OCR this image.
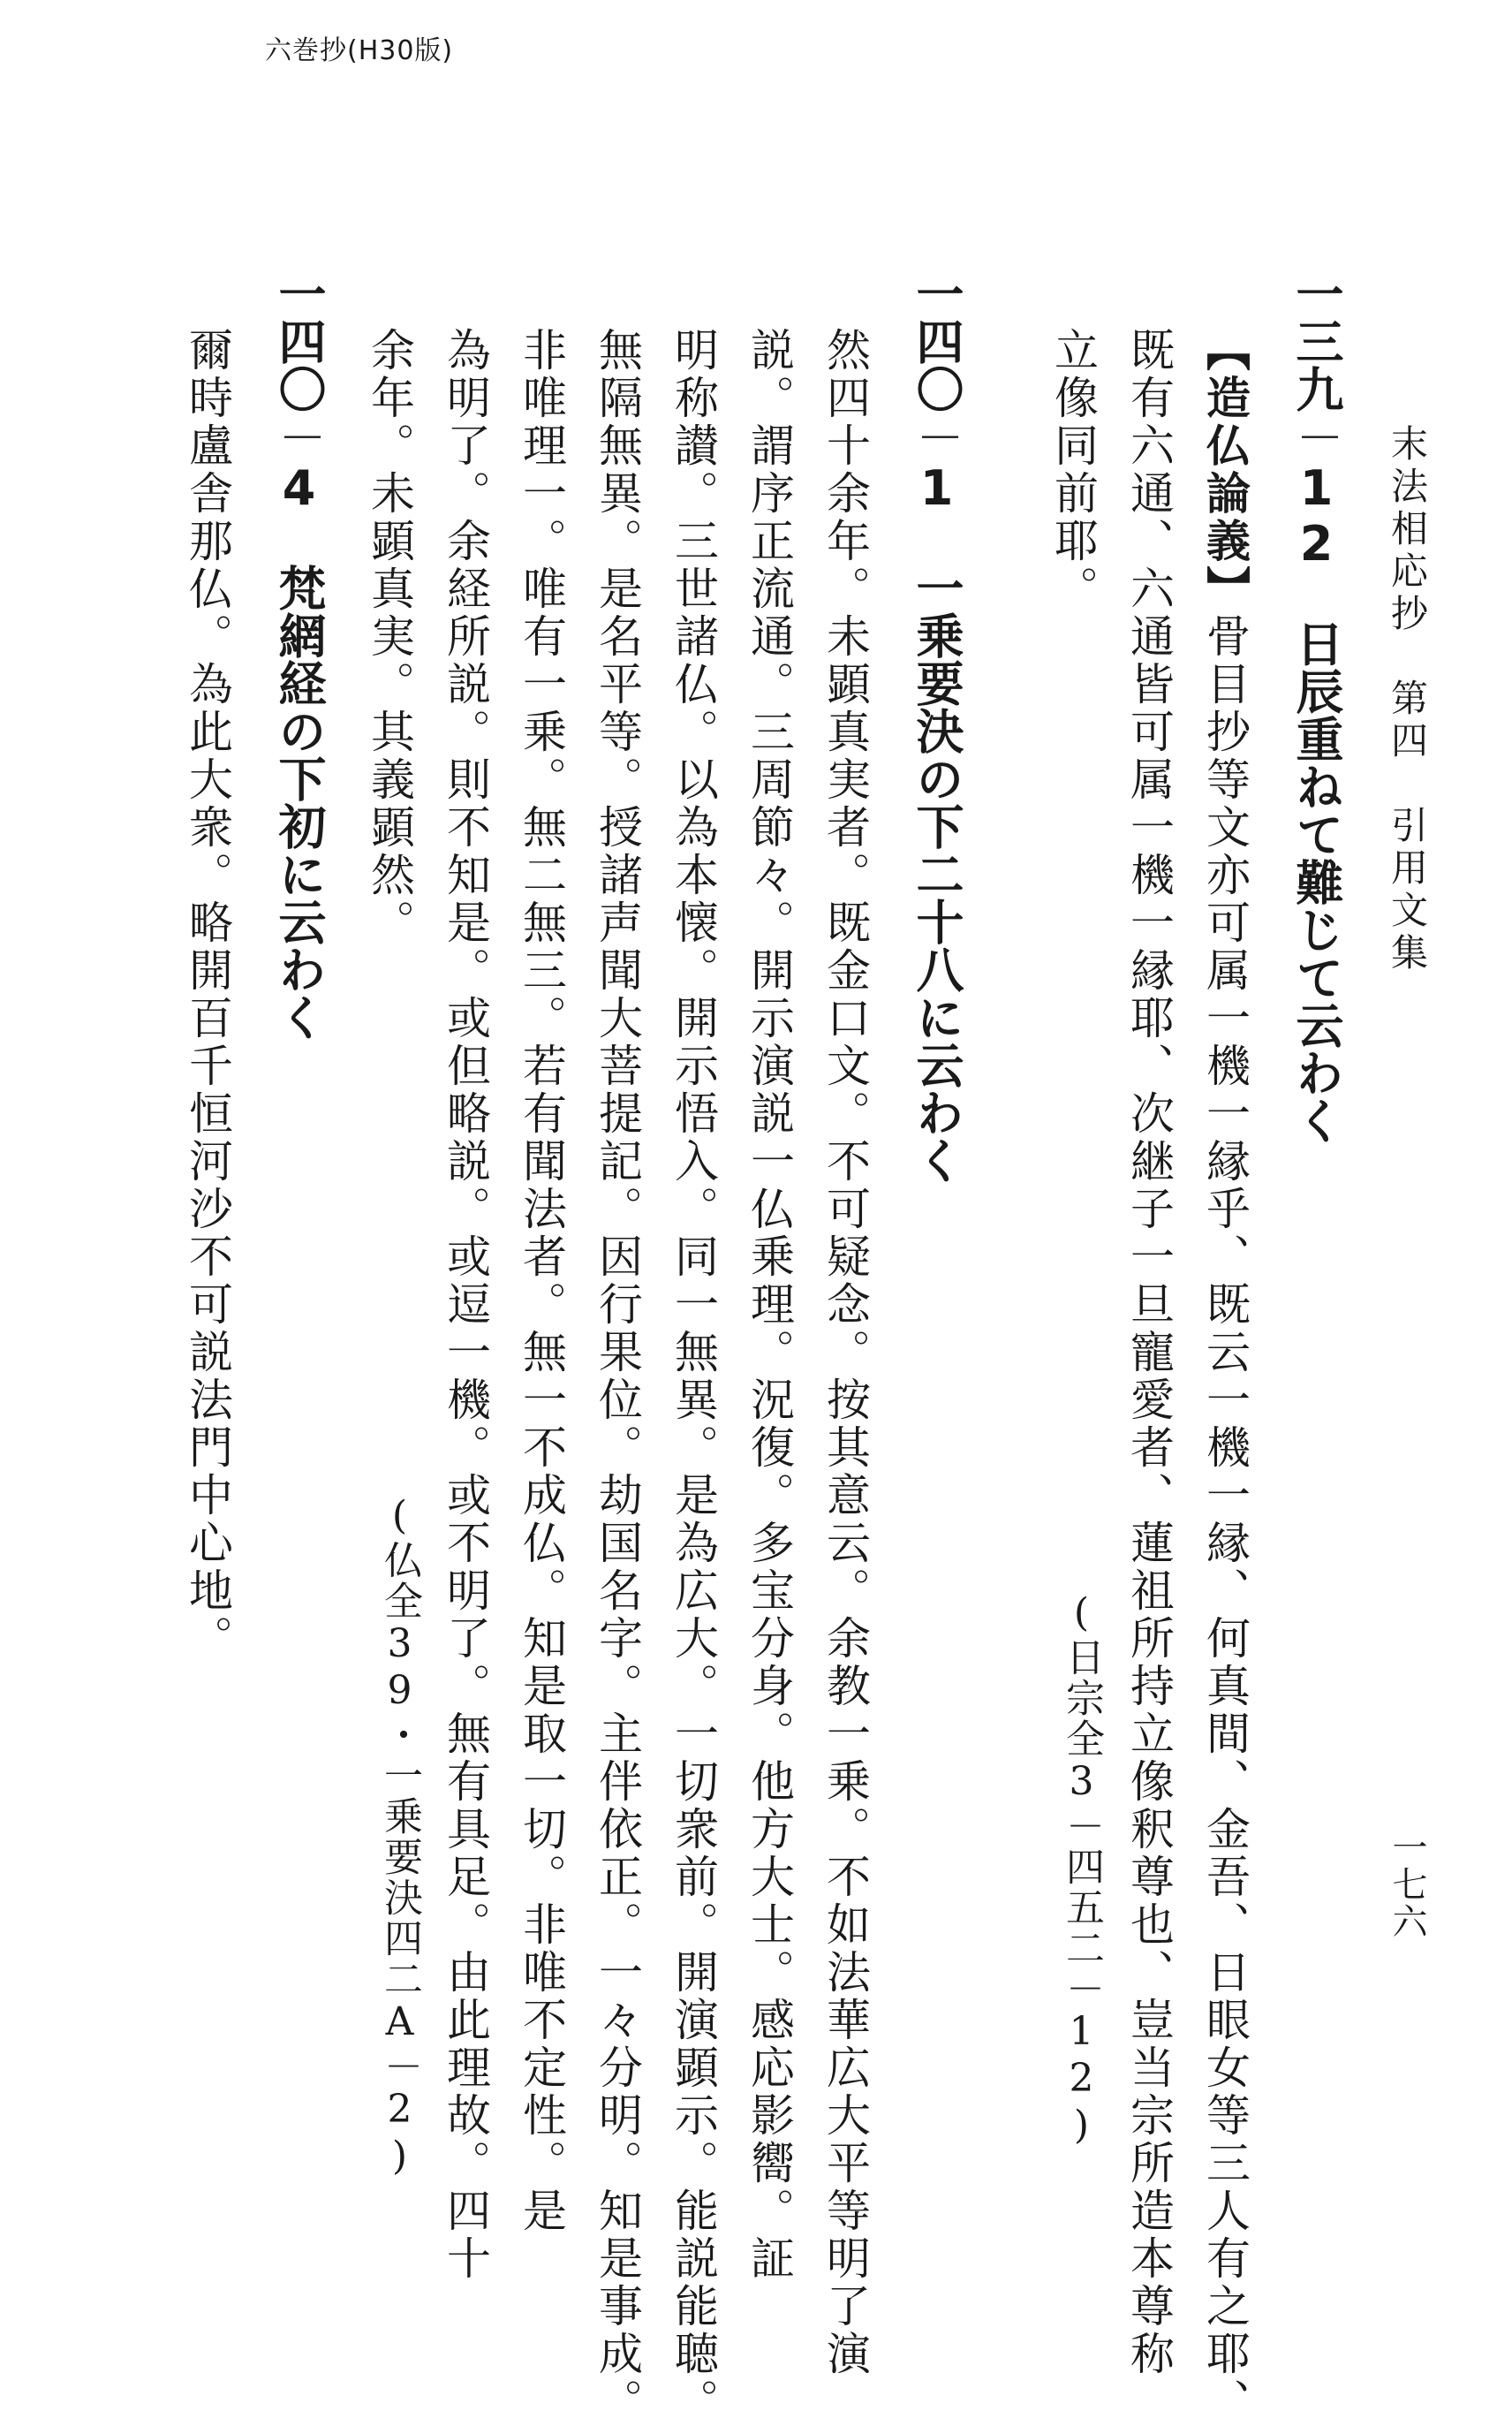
六巻抄(H30版)
末法相応抄　第四　引用文集
一七六
一三九－12　日辰重ねて難じて云わく
【造仏論義】骨目抄等文亦可属一機一縁乎、既云一機一縁、何真間、金吾、日眼女等三人有之耶、
既有六通、六通皆可属一機一縁耶、次継子一旦寵愛者、蓮祖所持立像釈尊也、豈当宗所造本尊称
立像同前耶。
(日宗全3－四五二－12)
一四〇－1　一乗要決の下二十八に云わく
然四十余年。未顕真実者。既金口文。不可疑念。按其意云。余教一乗。不如法華広大平等明了演
説。謂序正流通。三周節々。開示演説一仏乗理。況復。多宝分身。他方大士。感応影嚮。証
明称讃。三世諸仏。以為本懐。開示悟入。同一無異。是為広大。一切衆前。開演顕示。能説能聴。
無隔無異。是名平等。授諸声聞大菩提記。因行果位。劫国名字。主伴依正。一々分明。知是事成。
非唯理一。唯有一乗。無二無三。若有聞法者。無一不成仏。知是取一切。非唯不定性。是
為明了。余経所説。則不知是。或但略説。或逗一機。或不明了。無有具足。由此理故。四十
余年。未顕真実。其義顕然。
(仏全39・一乗要決四二A－2)
一四〇－4　梵網経の下初に云わく
爾時盧舎那仏。為此大衆。略開百千恒河沙不可説法門中心地。
